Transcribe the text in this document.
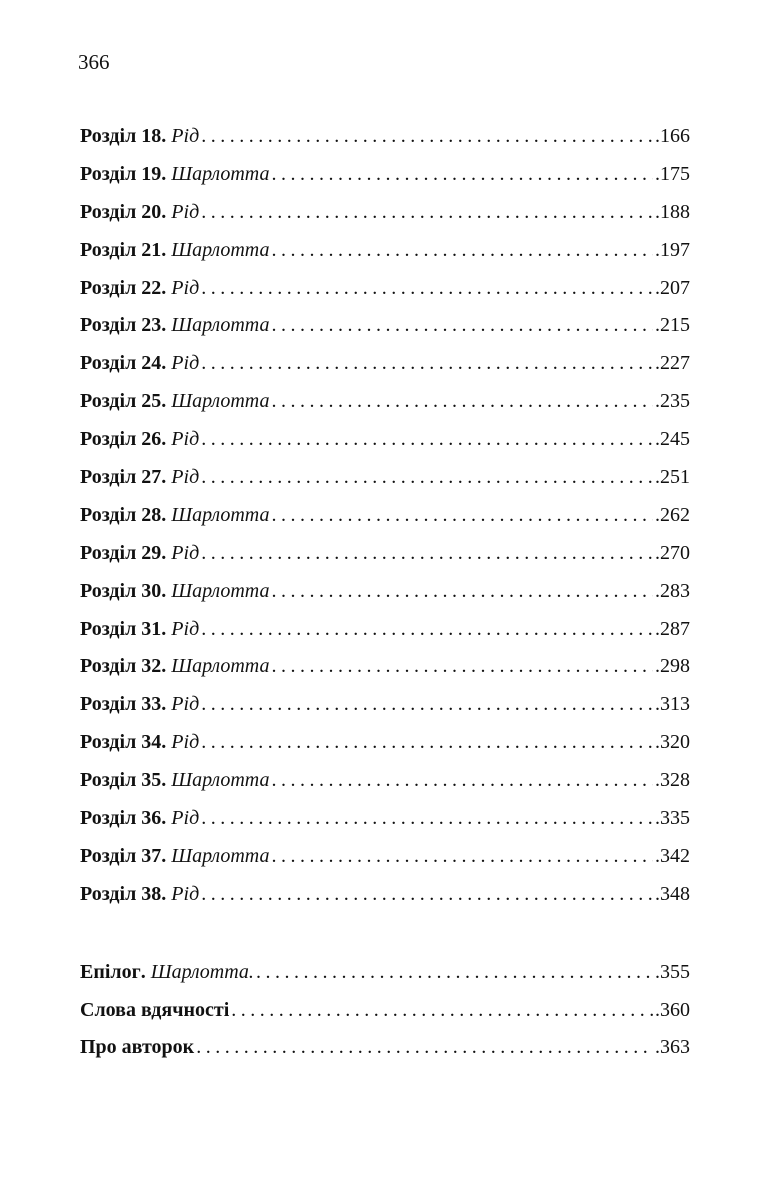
366
Розділ 18 . Рід . . .	.166
Розділ 19 . Шарлотта . . .	.175
Розділ 20 . Рід . . .	.188
Розділ 21 . Шарлотта . . .	.197
Розділ 22 . Рід . . .	.207
Розділ 23 . Шарлотта . . .	.215
Розділ 24 . Рід . . .	.227
Розділ 25 . Шарлотта . . .	.235
Розділ 26 . Рід . . .	.245
Розділ 27 . Рід . . .	.251
Розділ 28 . Шарлотта . . .	.262
Розділ 29 . Рід . . .	.270
Розділ 30 . Шарлотта . . .	.283
Розділ 31 . Рід . . .	.287
Розділ 32 . Шарлотта . . .	.298
Розділ 33 . Рід . . .	.313
Розділ 34 . Рід . . .	.320
Розділ 35 . Шарлотта . . .	.328
Розділ 36 . Рід . . .	.335
Розділ 37 . Шарлотта . . .	.342
Розділ 38 . Рід . . .	.348
Епілог . Шарлотта. . . .	.355
Слова вдячності . . .	.360
Про авторок . . .	.363
